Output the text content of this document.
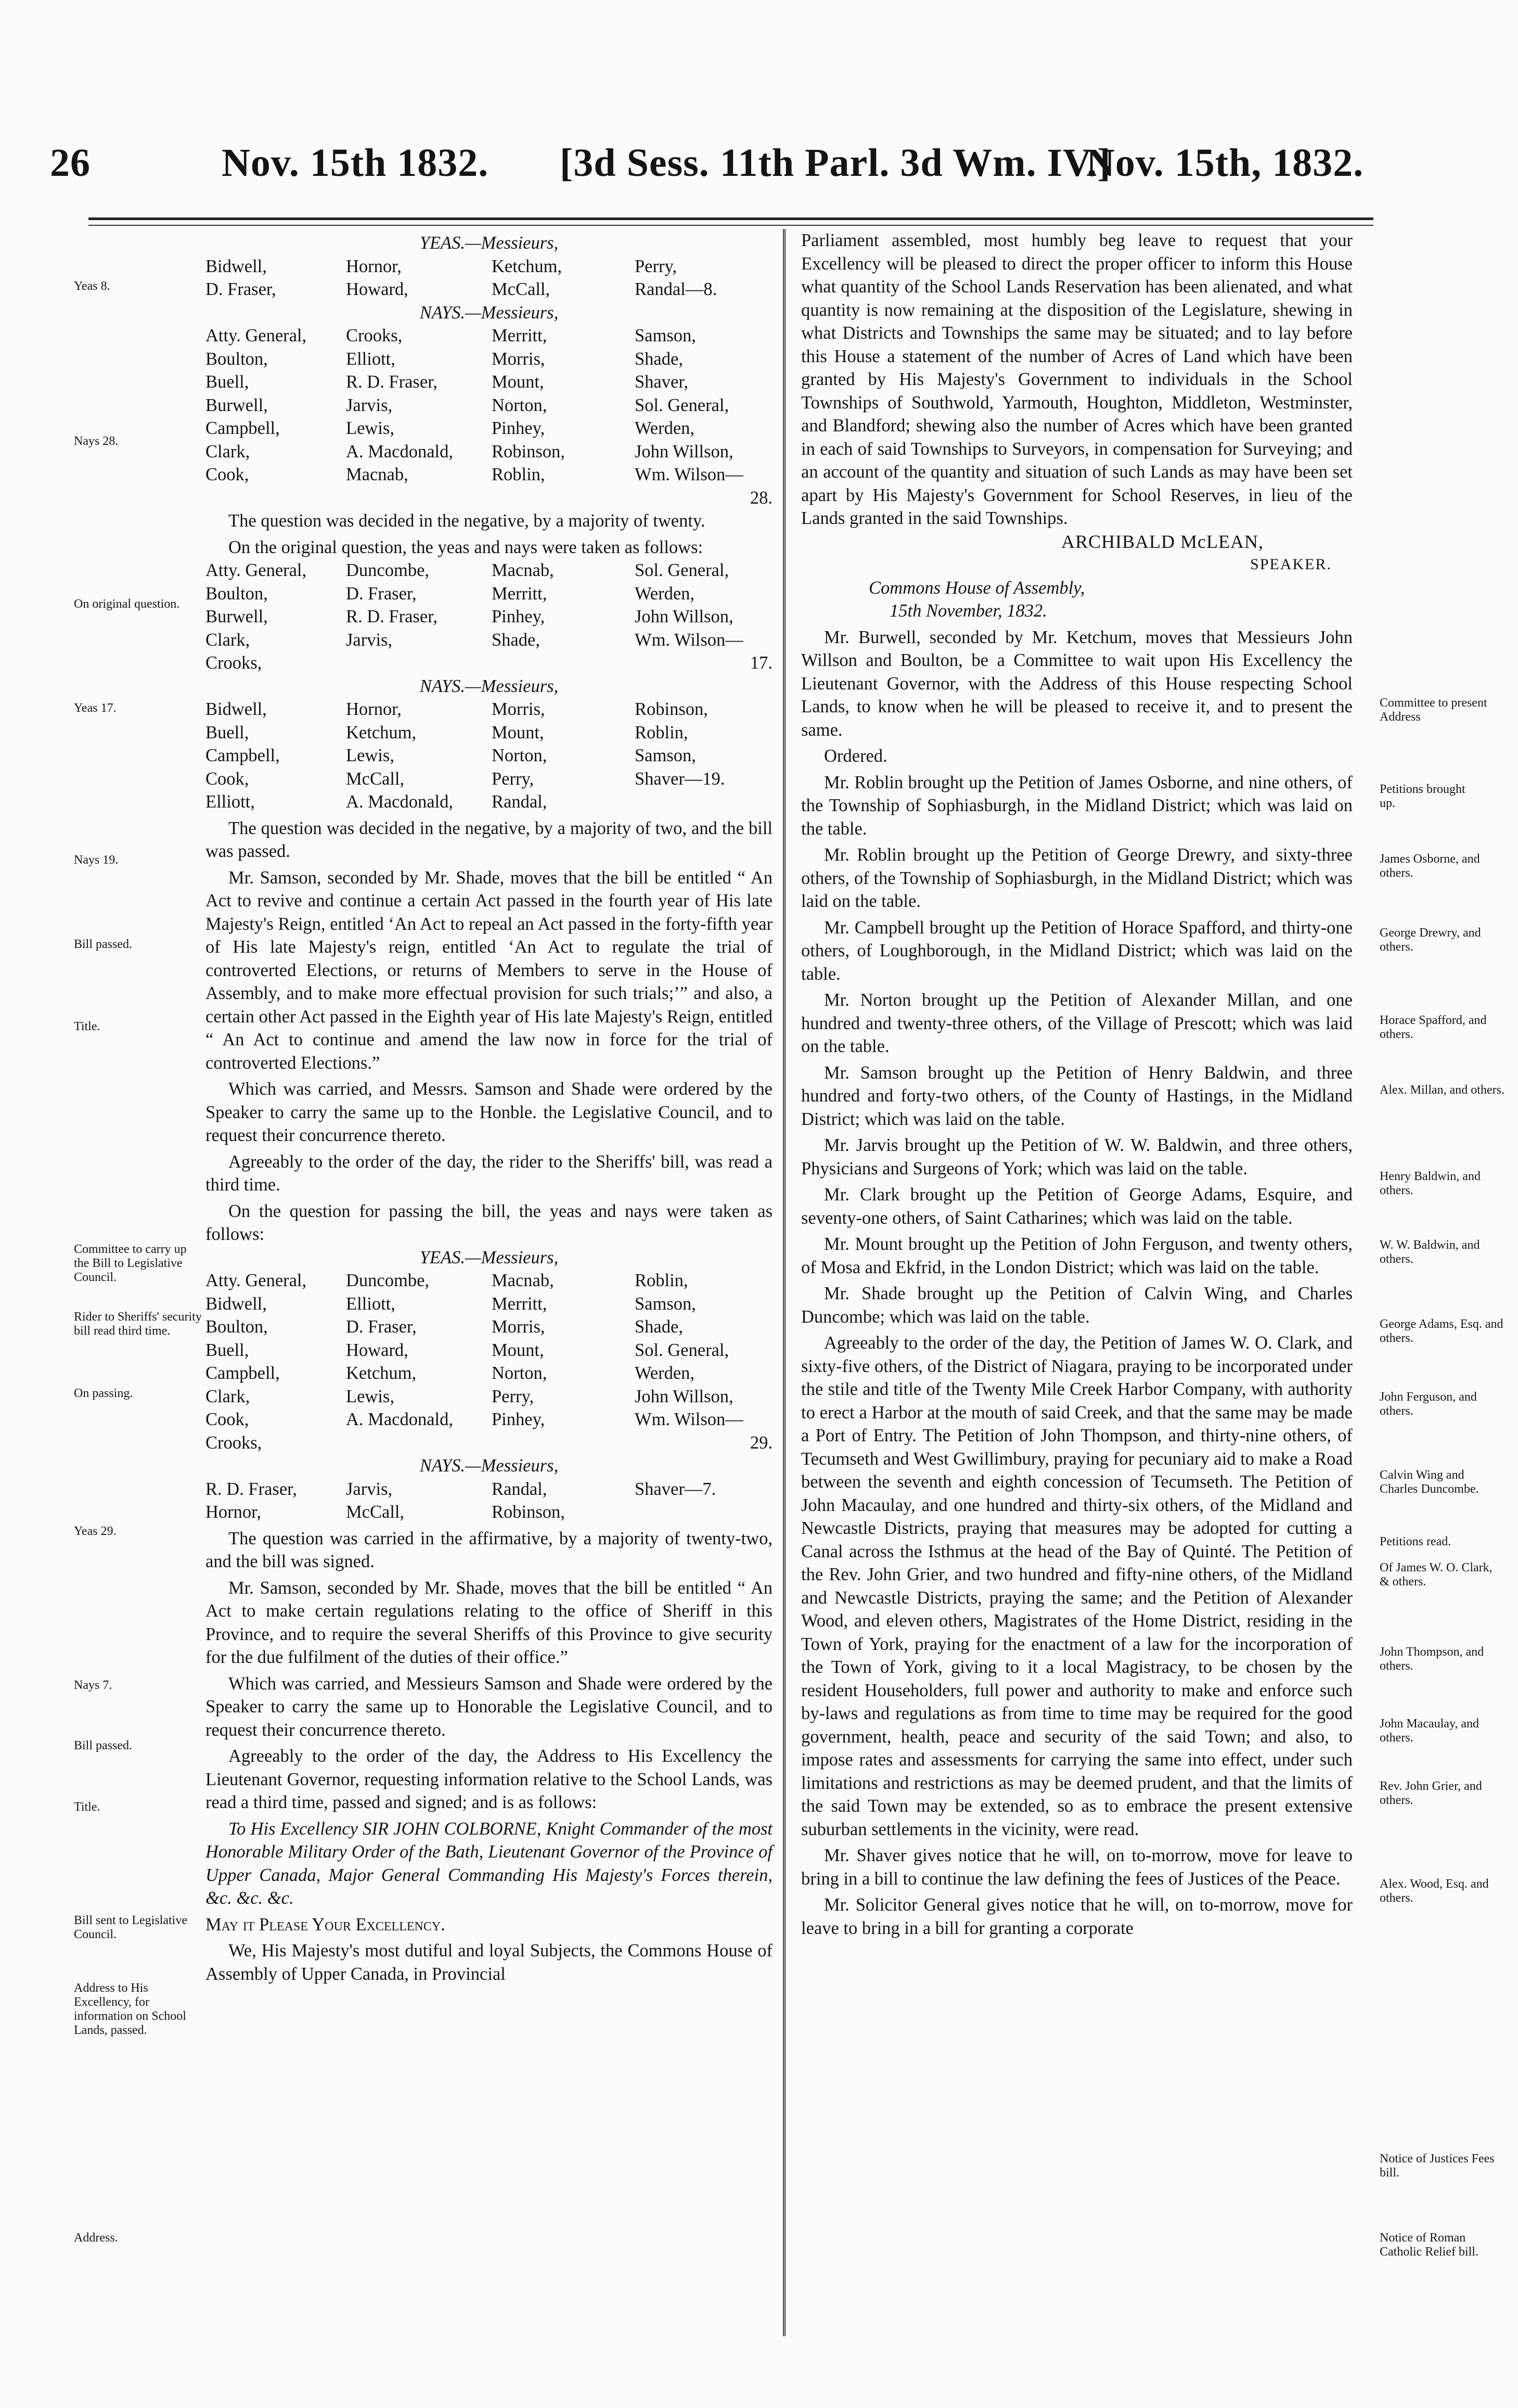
26	Nov. 15th 1832. [3d Sess. 11th Parl. 3d Wm. IV.]
Nov. 15th, 1832.
Yeas 8.
Nays 28.
On original question.
Yeas 17.
Nays 19.
Bill passed.
Title.
Committee to carry up the Bill to Legislative Council.
Rider to Sheriffs' security bill read third time.
On passing.
Yeas 29.
Nays 7.
Bill passed.
Title.
Bill sent to Legislative Council.
Address to His Excellency, for information on School Lands, passed.
Address.
Committee to present Address
Petitions brought up.
James Osborne, and others.
George Drewry, and others.
Horace Spafford, and others.
Alex. Millan, and others.
Henry Baldwin, and others.
W. W. Baldwin, and others.
George Adams, Esq. and others.
John Ferguson, and others.
Calvin Wing and Charles Duncombe.
Petitions read.
Of James W. O. Clark, & others.
John Thompson, and others.
John Macaulay, and others.
Rev. John Grier, and others.
Alex. Wood, Esq. and others.
Notice of Justices Fees bill.
Notice of Roman Catholic Relief bill.
YEAS.—Messieurs,
Bidwell,	Hornor,	Ketchum,	Perry,
D. Fraser,	Howard,	McCall,	Randal—8.
NAYS.—Messieurs,
Atty. General,	Crooks,	Merritt,	Samson,
Boulton,	Elliott,	Morris,	Shade,
Buell,	R. D. Fraser,	Mount,	Shaver,
Burwell,	Jarvis,	Norton,	Sol. General,
Campbell,	Lewis,	Pinhey,	Werden,
Clark,	A. Macdonald,	Robinson,	John Willson,
Cook,	Macnab,	Roblin,	Wm. Wilson—
28.

The question was decided in the negative, by a majority of twenty.

On the original question, the yeas and nays were taken as follows:

Atty. General,	Duncombe,	Macnab,	Sol. General,
Boulton,	D. Fraser,	Merritt,	Werden,
Burwell,	R. D. Fraser,	Pinhey,	John Willson,
Clark,	Jarvis,	Shade,	Wm. Wilson—
Crooks,	17.
NAYS.—Messieurs,
Bidwell,	Hornor,	Morris,	Robinson,
Buell,	Ketchum,	Mount,	Roblin,
Campbell,	Lewis,	Norton,	Samson,
Cook,	McCall,	Perry,	Shaver—19.
Elliott,	A. Macdonald,	Randal,

The question was decided in the negative, by a majority of two, and the bill was passed.

Mr. Samson, seconded by Mr. Shade, moves that the bill be entitled “ An Act to revive and continue a certain Act passed in the fourth year of His late Majesty's Reign, entitled ‘An Act to repeal an Act passed in the forty-fifth year of His late Majesty's reign, entitled ‘An Act to regulate the trial of controverted Elections, or returns of Members to serve in the House of Assembly, and to make more effectual provision for such trials;’” and also, a certain other Act passed in the Eighth year of His late Majesty's Reign, entitled “ An Act to continue and amend the law now in force for the trial of controverted Elections.”

Which was carried, and Messrs. Samson and Shade were ordered by the Speaker to carry the same up to the Honble. the Legislative Council, and to request their concurrence thereto.

Agreeably to the order of the day, the rider to the Sheriffs' bill, was read a third time.

On the question for passing the bill, the yeas and nays were taken as follows:

YEAS.—Messieurs,
Atty. General,	Duncombe,	Macnab,	Roblin,
Bidwell,	Elliott,	Merritt,	Samson,
Boulton,	D. Fraser,	Morris,	Shade,
Buell,	Howard,	Mount,	Sol. General,
Campbell,	Ketchum,	Norton,	Werden,
Clark,	Lewis,	Perry,	John Willson,
Cook,	A. Macdonald,	Pinhey,	Wm. Wilson—
Crooks,	29.
NAYS.—Messieurs,
R. D. Fraser,	Jarvis,	Randal,	Shaver—7.
Hornor,	McCall,	Robinson,

The question was carried in the affirmative, by a majority of twenty-two, and the bill was signed.

Mr. Samson, seconded by Mr. Shade, moves that the bill be entitled “ An Act to make certain regulations relating to the office of Sheriff in this Province, and to require the several Sheriffs of this Province to give security for the due fulfilment of the duties of their office.”

Which was carried, and Messieurs Samson and Shade were ordered by the Speaker to carry the same up to Honorable the Legislative Council, and to request their concurrence thereto.

Agreeably to the order of the day, the Address to His Excellency the Lieutenant Governor, requesting information relative to the School Lands, was read a third time, passed and signed; and is as follows:

To His Excellency SIR JOHN COLBORNE, Knight Commander of the most Honorable Military Order of the Bath, Lieutenant Governor of the Province of Upper Canada, Major General Commanding His Majesty's Forces therein, &c. &c. &c.

May it Please Your Excellency.

We, His Majesty's most dutiful and loyal Subjects, the Commons House of Assembly of Upper Canada, in Provincial

Parliament assembled, most humbly beg leave to request that your Excellency will be pleased to direct the proper officer to inform this House what quantity of the School Lands Reservation has been alienated, and what quantity is now remaining at the disposition of the Legislature, shewing in what Districts and Townships the same may be situated; and to lay before this House a statement of the number of Acres of Land which have been granted by His Majesty's Government to individuals in the School Townships of Southwold, Yarmouth, Houghton, Middleton, Westminster, and Blandford; shewing also the number of Acres which have been granted in each of said Townships to Surveyors, in compensation for Surveying; and an account of the quantity and situation of such Lands as may have been set apart by His Majesty's Government for School Reserves, in lieu of the Lands granted in the said Townships.

ARCHIBALD McLEAN,
SPEAKER.
Commons House of Assembly,
15th November, 1832.

Mr. Burwell, seconded by Mr. Ketchum, moves that Messieurs John Willson and Boulton, be a Committee to wait upon His Excellency the Lieutenant Governor, with the Address of this House respecting School Lands, to know when he will be pleased to receive it, and to present the same.

Ordered.

Mr. Roblin brought up the Petition of James Osborne, and nine others, of the Township of Sophiasburgh, in the Midland District; which was laid on the table.

Mr. Roblin brought up the Petition of George Drewry, and sixty-three others, of the Township of Sophiasburgh, in the Midland District; which was laid on the table.

Mr. Campbell brought up the Petition of Horace Spafford, and thirty-one others, of Loughborough, in the Midland District; which was laid on the table.

Mr. Norton brought up the Petition of Alexander Millan, and one hundred and twenty-three others, of the Village of Prescott; which was laid on the table.

Mr. Samson brought up the Petition of Henry Baldwin, and three hundred and forty-two others, of the County of Hastings, in the Midland District; which was laid on the table.

Mr. Jarvis brought up the Petition of W. W. Baldwin, and three others, Physicians and Surgeons of York; which was laid on the table.

Mr. Clark brought up the Petition of George Adams, Esquire, and seventy-one others, of Saint Catharines; which was laid on the table.

Mr. Mount brought up the Petition of John Ferguson, and twenty others, of Mosa and Ekfrid, in the London District; which was laid on the table.

Mr. Shade brought up the Petition of Calvin Wing, and Charles Duncombe; which was laid on the table.

Agreeably to the order of the day, the Petition of James W. O. Clark, and sixty-five others, of the District of Niagara, praying to be incorporated under the stile and title of the Twenty Mile Creek Harbor Company, with authority to erect a Harbor at the mouth of said Creek, and that the same may be made a Port of Entry. The Petition of John Thompson, and thirty-nine others, of Tecumseth and West Gwillimbury, praying for pecuniary aid to make a Road between the seventh and eighth concession of Tecumseth. The Petition of John Macaulay, and one hundred and thirty-six others, of the Midland and Newcastle Districts, praying that measures may be adopted for cutting a Canal across the Isthmus at the head of the Bay of Quinté. The Petition of the Rev. John Grier, and two hundred and fifty-nine others, of the Midland and Newcastle Districts, praying the same; and the Petition of Alexander Wood, and eleven others, Magistrates of the Home District, residing in the Town of York, praying for the enactment of a law for the incorporation of the Town of York, giving to it a local Magistracy, to be chosen by the resident Householders, full power and authority to make and enforce such by-laws and regulations as from time to time may be required for the good government, health, peace and security of the said Town; and also, to impose rates and assessments for carrying the same into effect, under such limitations and restrictions as may be deemed prudent, and that the limits of the said Town may be extended, so as to embrace the present extensive suburban settlements in the vicinity, were read.

Mr. Shaver gives notice that he will, on to-morrow, move for leave to bring in a bill to continue the law defining the fees of Justices of the Peace.

Mr. Solicitor General gives notice that he will, on to-morrow, move for leave to bring in a bill for granting a corporate
